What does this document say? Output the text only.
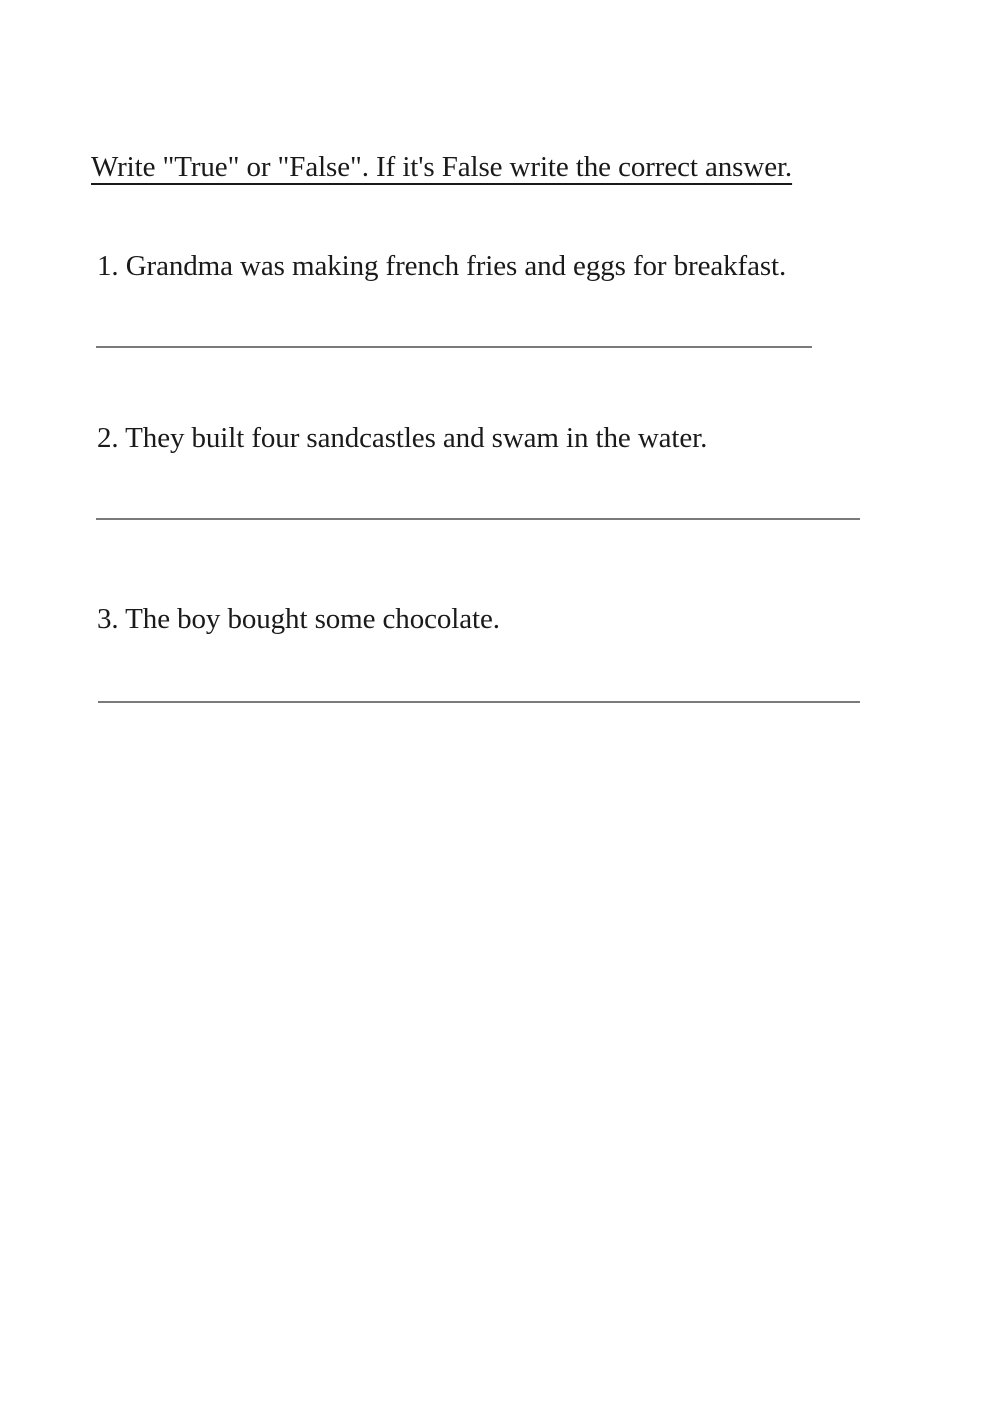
Write "True" or "False". If it's False write the correct answer.
1. Grandma was making french fries and eggs for breakfast.
2. They built four sandcastles and swam in the water.
3. The boy bought some chocolate.
